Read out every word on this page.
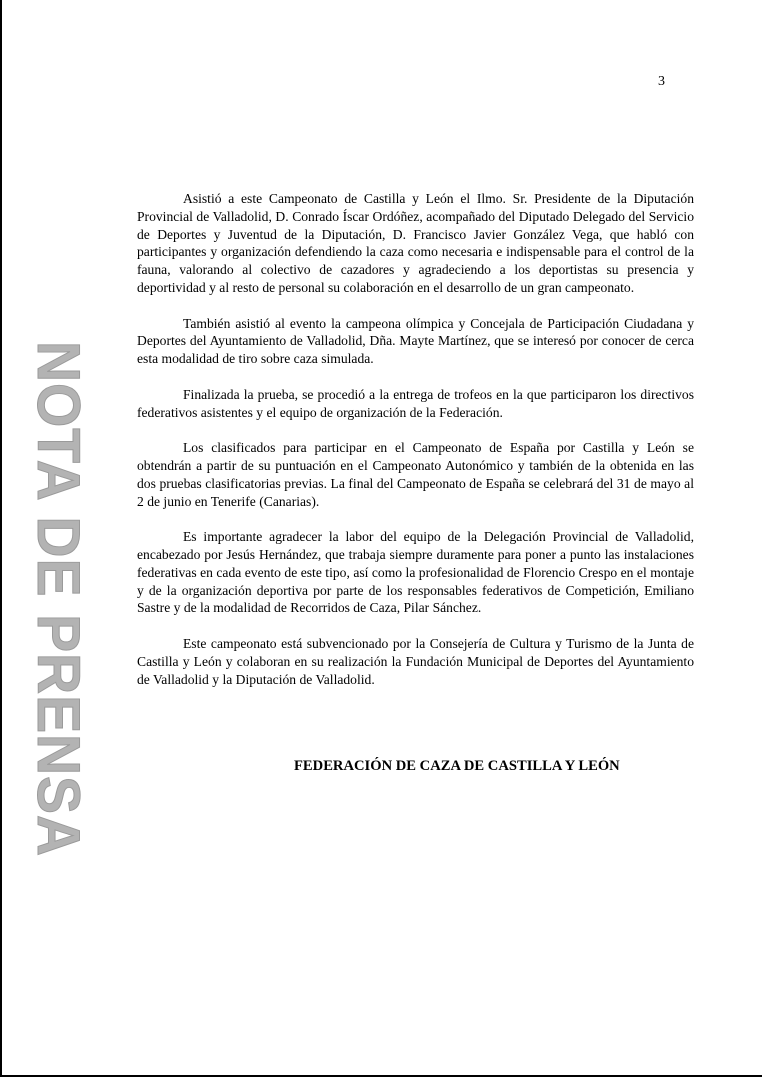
3
NOTA DE PRENSA

Asistió a este Campeonato de Castilla y León el Ilmo. Sr. Presidente de la Diputación Provincial de Valladolid, D. Conrado Íscar Ordóñez, acompañado del Diputado Delegado del Servicio de Deportes y Juventud de la Diputación, D. Francisco Javier González Vega, que habló con participantes y organización defendiendo la caza como necesaria e indispensable para el control de la fauna, valorando al colectivo de cazadores y agradeciendo a los deportistas su presencia y deportividad y al resto de personal su colaboración en el desarrollo de un gran campeonato.

También asistió al evento la campeona olímpica y Concejala de Participación Ciudadana y Deportes del Ayuntamiento de Valladolid, Dña. Mayte Martínez, que se interesó por conocer de cerca esta modalidad de tiro sobre caza simulada.

Finalizada la prueba, se procedió a la entrega de trofeos en la que participaron los directivos federativos asistentes y el equipo de organización de la Federación.

Los clasificados para participar en el Campeonato de España por Castilla y León se obtendrán a partir de su puntuación en el Campeonato Autonómico y también de la obtenida en las dos pruebas clasificatorias previas. La final del Campeonato de España se celebrará del 31 de mayo al 2 de junio en Tenerife (Canarias).

Es importante agradecer la labor del equipo de la Delegación Provincial de Valladolid, encabezado por Jesús Hernández, que trabaja siempre duramente para poner a punto las instalaciones federativas en cada evento de este tipo, así como la profesionalidad de Florencio Crespo en el montaje y de la organización deportiva por parte de los responsables federativos de Competición, Emiliano Sastre y de la modalidad de Recorridos de Caza, Pilar Sánchez.

Este campeonato está subvencionado por la Consejería de Cultura y Turismo de la Junta de Castilla y León y colaboran en su realización la Fundación Municipal de Deportes del Ayuntamiento de Valladolid y la Diputación de Valladolid.

FEDERACIÓN DE CAZA DE CASTILLA Y LEÓN
